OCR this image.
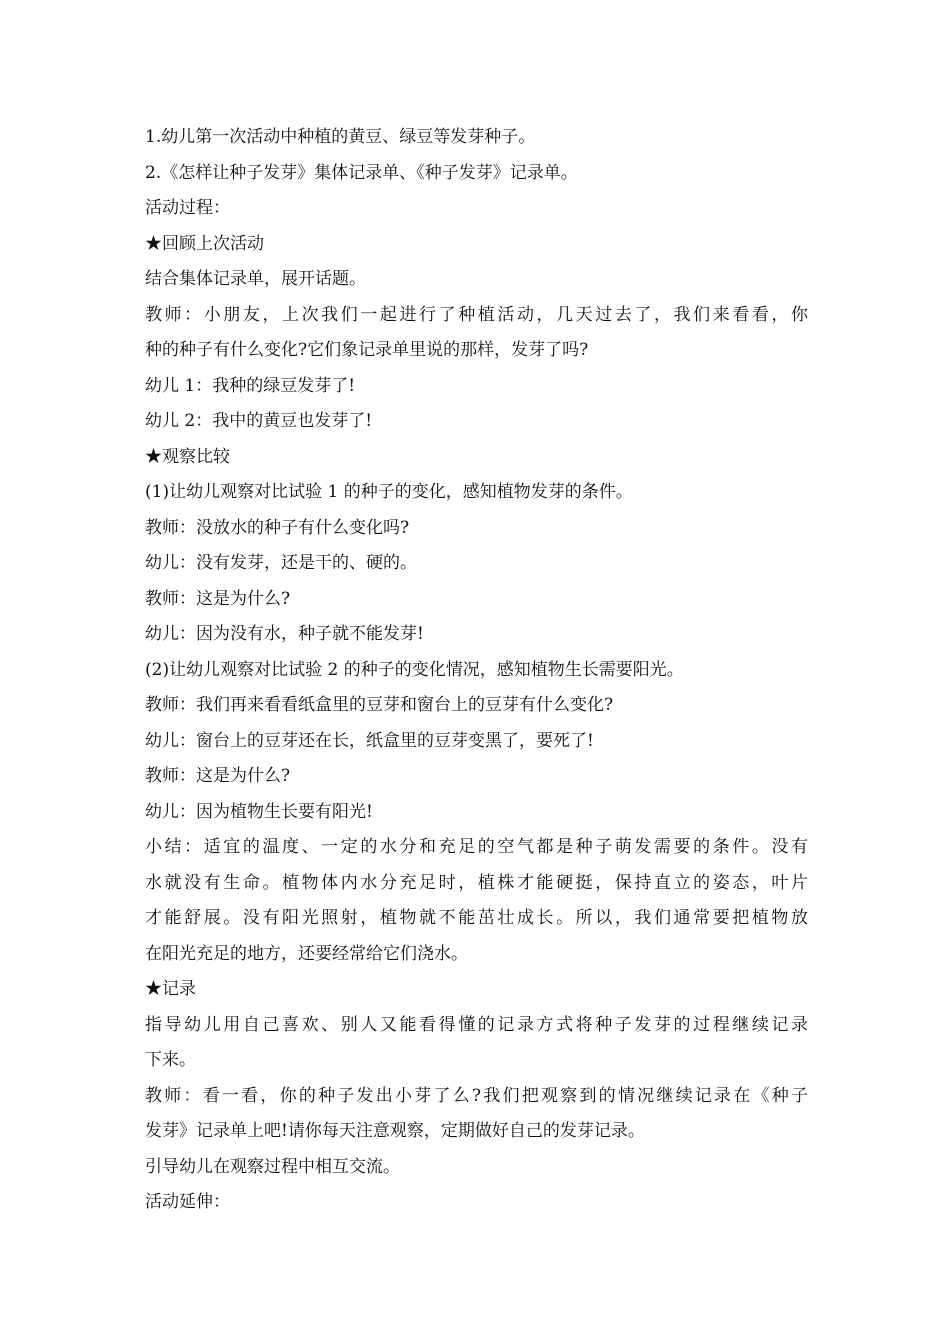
1.幼儿第一次活动中种植的黄豆、绿豆等发芽种子。
2.《怎样让种子发芽》集体记录单、《种子发芽》记录单。
活动过程：
★回顾上次活动
结合集体记录单，展开话题。
教师：小朋友，上次我们一起进行了种植活动，几天过去了，我们来看看，你
种的种子有什么变化?它们象记录单里说的那样，发芽了吗?
幼儿 1：我种的绿豆发芽了!
幼儿 2：我中的黄豆也发芽了!
★观察比较
(1)让幼儿观察对比试验 1 的种子的变化，感知植物发芽的条件。
教师：没放水的种子有什么变化吗?
幼儿：没有发芽，还是干的、硬的。
教师：这是为什么?
幼儿：因为没有水，种子就不能发芽!
(2)让幼儿观察对比试验 2 的种子的变化情况，感知植物生长需要阳光。
教师：我们再来看看纸盒里的豆芽和窗台上的豆芽有什么变化?
幼儿：窗台上的豆芽还在长，纸盒里的豆芽变黑了，要死了!
教师：这是为什么?
幼儿：因为植物生长要有阳光!
小结：适宜的温度、一定的水分和充足的空气都是种子萌发需要的条件。没有
水就没有生命。植物体内水分充足时，植株才能硬挺，保持直立的姿态，叶片
才能舒展。没有阳光照射，植物就不能茁壮成长。所以，我们通常要把植物放
在阳光充足的地方，还要经常给它们浇水。
★记录
指导幼儿用自己喜欢、别人又能看得懂的记录方式将种子发芽的过程继续记录
下来。
教师：看一看，你的种子发出小芽了么?我们把观察到的情况继续记录在《种子
发芽》记录单上吧!请你每天注意观察，定期做好自己的发芽记录。
引导幼儿在观察过程中相互交流。
活动延伸：
